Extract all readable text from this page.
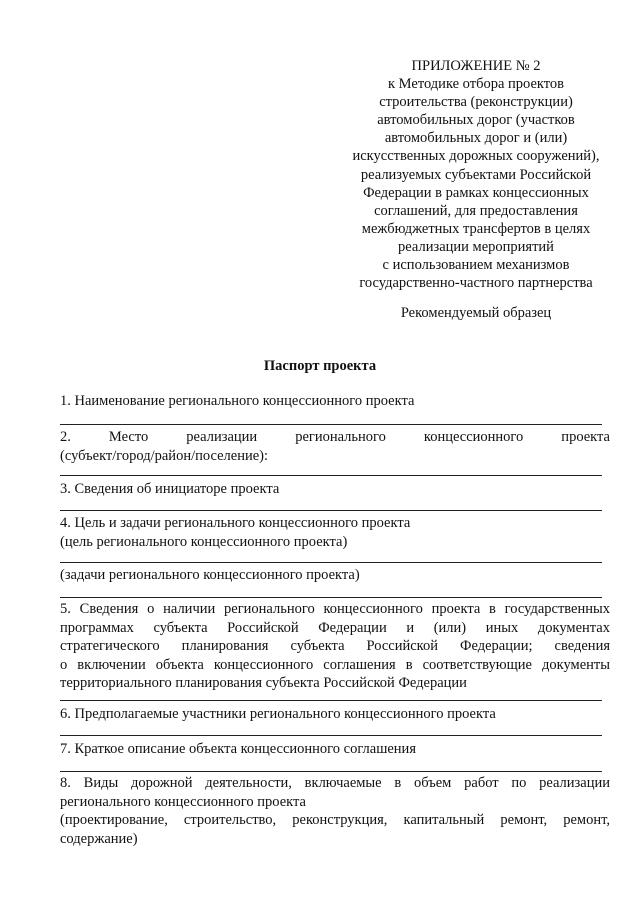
ПРИЛОЖЕНИЕ № 2
к Методике отбора проектов
строительства (реконструкции)
автомобильных дорог (участков
автомобильных дорог и (или)
искусственных дорожных сооружений),
реализуемых субъектами Российской
Федерации в рамках концессионных
соглашений, для предоставления
межбюджетных трансфертов в целях
реализации мероприятий
с использованием механизмов
государственно-частного партнерства
Рекомендуемый образец
Паспорт проекта
1. Наименование регионального концессионного проекта
2. Место реализации регионального концессионного проекта
(субъект/город/район/поселение):
3. Сведения об инициаторе проекта
4. Цель и задачи регионального концессионного проекта
(цель регионального концессионного проекта)
(задачи регионального концессионного проекта)
5. Сведения о наличии регионального концессионного проекта в государственных
программах субъекта Российской Федерации и (или) иных документах
стратегического планирования субъекта Российской Федерации; сведения
о включении объекта концессионного соглашения в соответствующие документы
территориального планирования субъекта Российской Федерации
6. Предполагаемые участники регионального концессионного проекта
7. Краткое описание объекта концессионного соглашения
8. Виды дорожной деятельности, включаемые в объем работ по реализации
регионального концессионного проекта
(проектирование, строительство, реконструкция, капитальный ремонт, ремонт,
содержание)
